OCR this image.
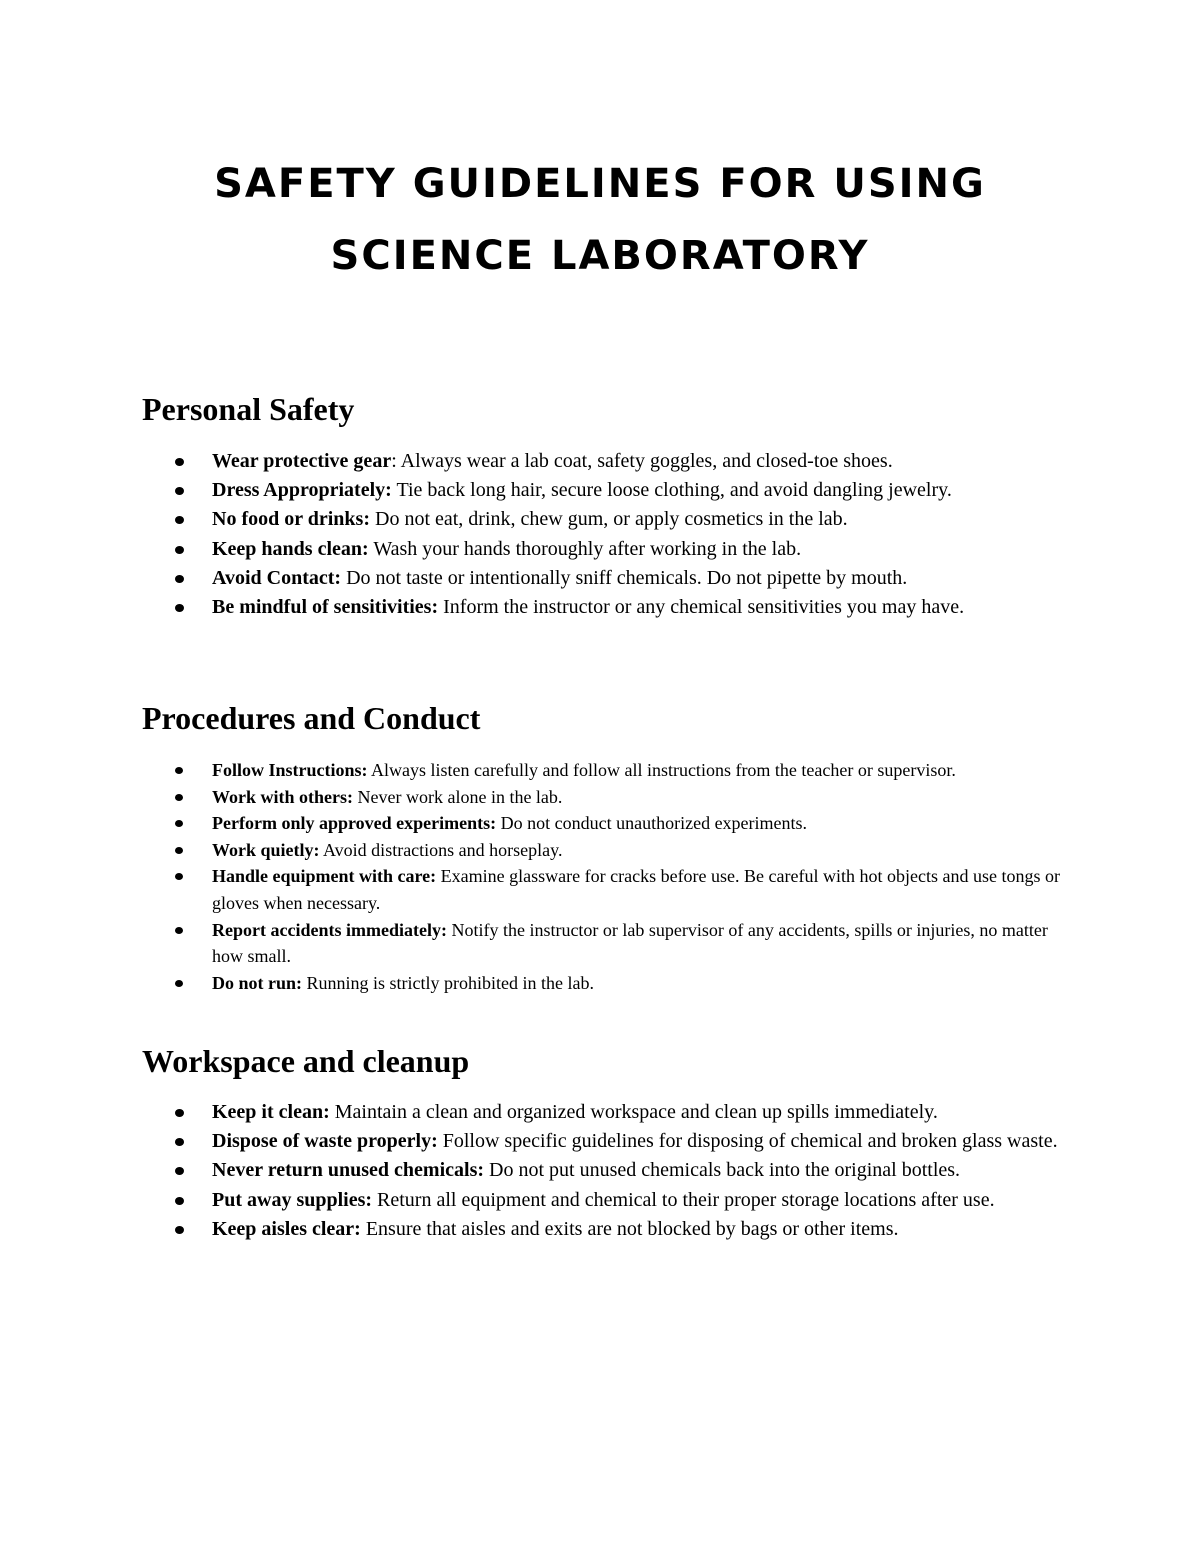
SAFETY GUIDELINES FOR USING
SCIENCE LABORATORY
Personal Safety
Wear protective gear: Always wear a lab coat, safety goggles, and closed-toe shoes.
Dress Appropriately: Tie back long hair, secure loose clothing, and avoid dangling jewelry.
No food or drinks: Do not eat, drink, chew gum, or apply cosmetics in the lab.
Keep hands clean: Wash your hands thoroughly after working in the lab.
Avoid Contact: Do not taste or intentionally sniff chemicals. Do not pipette by mouth.
Be mindful of sensitivities: Inform the instructor or any chemical sensitivities you may have.
Procedures and Conduct
Follow Instructions: Always listen carefully and follow all instructions from the teacher or supervisor.
Work with others: Never work alone in the lab.
Perform only approved experiments: Do not conduct unauthorized experiments.
Work quietly: Avoid distractions and horseplay.
Handle equipment with care: Examine glassware for cracks before use. Be careful with hot objects and use tongs or gloves when necessary.
Report accidents immediately: Notify the instructor or lab supervisor of any accidents, spills or injuries, no matter how small.
Do not run: Running is strictly prohibited in the lab.
Workspace and cleanup
Keep it clean: Maintain a clean and organized workspace and clean up spills immediately.
Dispose of waste properly: Follow specific guidelines for disposing of chemical and broken glass waste.
Never return unused chemicals: Do not put unused chemicals back into the original bottles.
Put away supplies: Return all equipment and chemical to their proper storage locations after use.
Keep aisles clear: Ensure that aisles and exits are not blocked by bags or other items.
